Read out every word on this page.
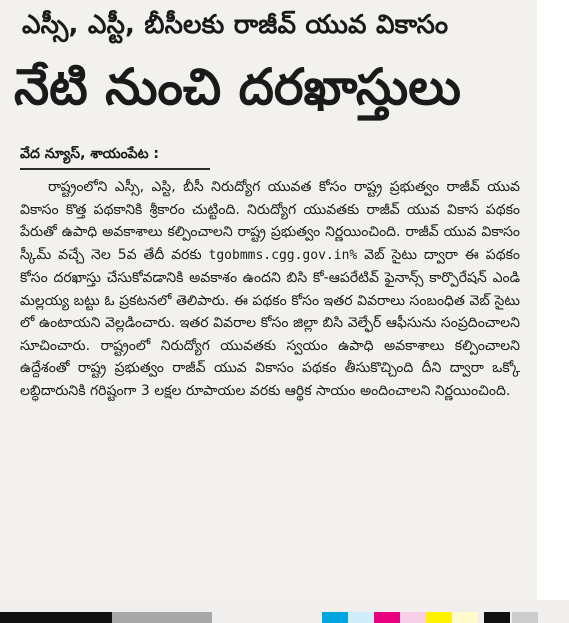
ఎస్సీ, ఎస్టీ, బీసీలకు రాజీవ్ యువ వికాసం
నేటి నుంచి దరఖాస్తులు
వేద న్యూస్, శాయంపేట :

రాష్ట్రంలోని ఎస్సీ, ఎస్టి, బీసీ నిరుద్యోగ యువత కోసం రాష్ట్ర ప్రభుత్వం రాజీవ్ యువ వికాసం కొత్త పథకానికి శ్రీకారం చుట్టింది. నిరుద్యోగ యువతకు రాజీవ్ యువ వికాస పథకం పేరుతో ఉపాధి అవకాశాలు కల్పించాలని రాష్ట్ర ప్రభుత్వం నిర్ణయించింది. రాజీవ్ యువ వికాసం స్కీమ్ వచ్చే నెల 5వ తేదీ వరకు tgobmms.cgg.gov.in% వెబ్ సైటు ద్వారా ఈ పథకం కోసం దరఖాస్తు చేసుకోవడానికి అవకాశం ఉందని బిసి కో-ఆపరేటివ్ ఫైనాన్స్ కార్పొరేషన్ ఎండి మల్లయ్య బట్టు ఓ ప్రకటనలో తెలిపారు. ఈ పథకం కోసం ఇతర వివరాలు సంబంధిత వెబ్ సైటు లో ఉంటాయని వెల్లడించారు. ఇతర వివరాల కోసం జిల్లా బిసి వెల్ఫేర్ ఆఫీసును సంప్రదించాలని సూచించారు. రాష్ట్రంలో నిరుద్యోగ యువతకు స్వయం ఉపాధి అవకాశాలు కల్పించాలని ఉద్దేశంతో రాష్ట్ర ప్రభుత్వం రాజీవ్ యువ వికాసం పథకం తీసుకొచ్చింది దీని ద్వారా ఒక్కో లబ్ధిదారునికి గరిష్టంగా 3 లక్షల రూపాయల వరకు ఆర్థిక సాయం అందించాలని నిర్ణయించింది.
